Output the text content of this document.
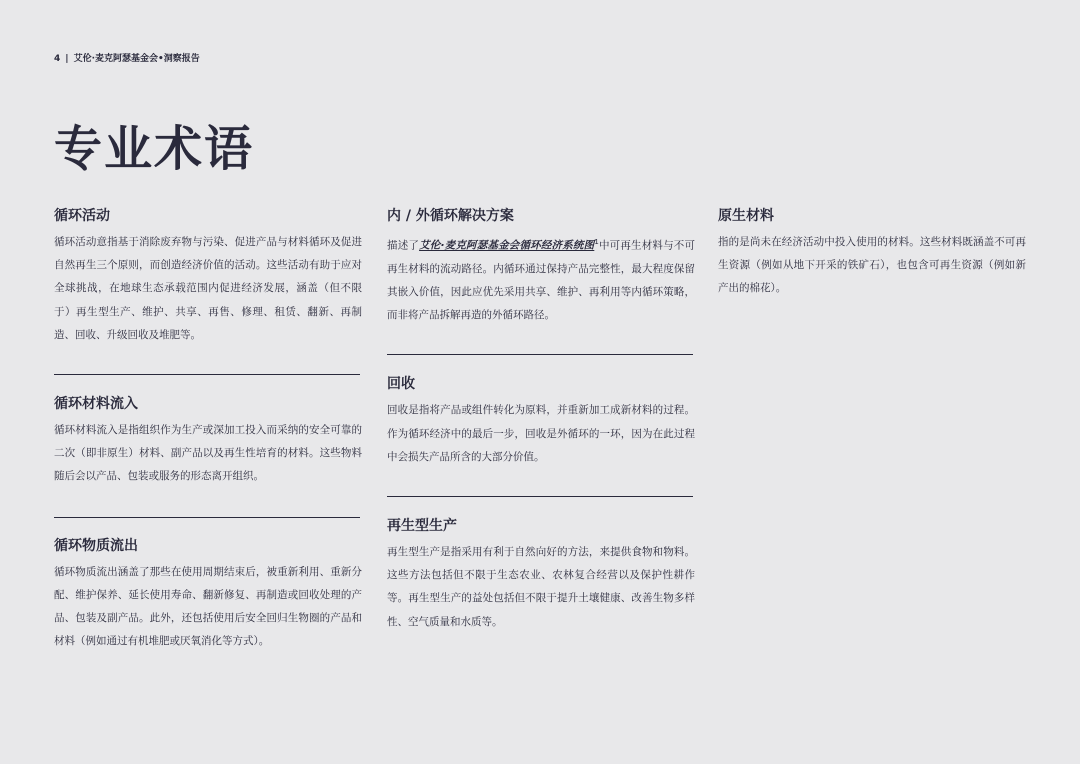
4 | 艾伦·麦克阿瑟基金会•洞察报告
专业术语
循环活动

循环活动意指基于消除废弃物与污染、促进产品与材料循环及促进自然再生三个原则，而创造经济价值的活动。这些活动有助于应对全球挑战，在地球生态承载范围内促进经济发展，涵盖（但不限于）再生型生产、维护、共享、再售、修理、租赁、翻新、再制造、回收、升级回收及堆肥等。

循环材料流入

循环材料流入是指组织作为生产或深加工投入而采纳的安全可靠的二次（即非原生）材料、副产品以及再生性培育的材料。这些物料随后会以产品、包装或服务的形态离开组织。

循环物质流出

循环物质流出涵盖了那些在使用周期结束后，被重新利用、重新分配、维护保养、延长使用寿命、翻新修复、再制造或回收处理的产品、包装及副产品。此外，还包括使用后安全回归生物圈的产品和材料（例如通过有机堆肥或厌氧消化等方式）。

内 / 外循环解决方案

描述了艾伦·麦克阿瑟基金会循环经济系统图$^1$中可再生材料与不可再生材料的流动路径。内循环通过保持产品完整性，最大程度保留其嵌入价值，因此应优先采用共享、维护、再利用等内循环策略，而非将产品拆解再造的外循环路径。

回收

回收是指将产品或组件转化为原料，并重新加工成新材料的过程。作为循环经济中的最后一步，回收是外循环的一环，因为在此过程中会损失产品所含的大部分价值。

再生型生产

再生型生产是指采用有利于自然向好的方法，来提供食物和物料。这些方法包括但不限于生态农业、农林复合经营以及保护性耕作等。再生型生产的益处包括但不限于提升土壤健康、改善生物多样性、空气质量和水质等。

原生材料

指的是尚未在经济活动中投入使用的材料。这些材料既涵盖不可再生资源（例如从地下开采的铁矿石），也包含可再生资源（例如新产出的棉花）。
